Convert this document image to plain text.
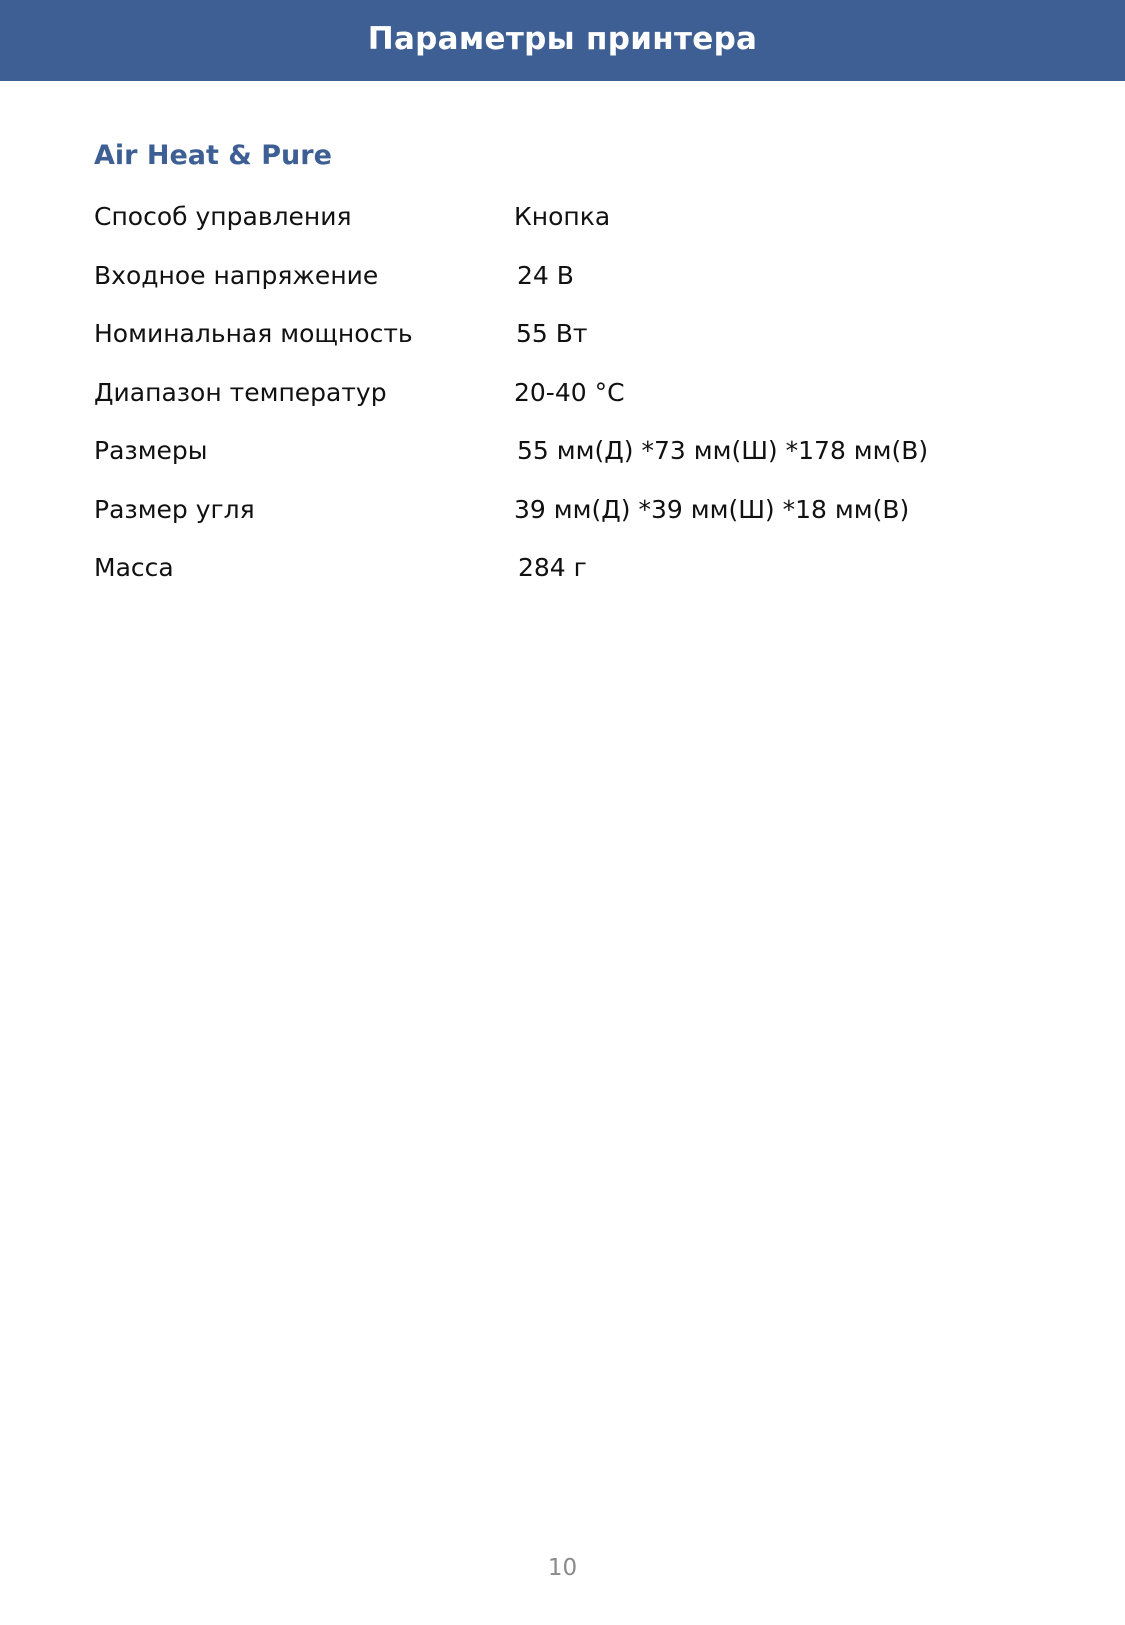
Параметры принтера
Air Heat & Pure
Способ управления	Кнопка
Входное напряжение	24 В
Номинальная мощность	55 Вт
Диапазон температур	20-40 °C
Размеры	55 мм(Д) *73 мм(Ш) *178 мм(В)
Размер угля	39 мм(Д) *39 мм(Ш) *18 мм(В)
Масса	284 г
10
